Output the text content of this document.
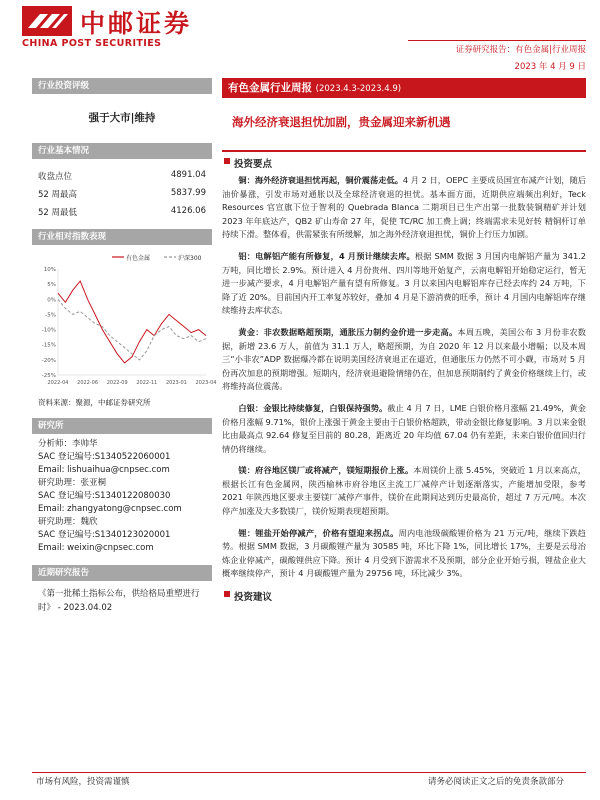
中邮证券
CHINA POST SECURITIES
证券研究报告：有色金属|行业周报
2023 年 4 月 9 日
行业投资评级
强于大市|维持
行业基本情况
收盘点位	4891.04
52 周最高	5837.99
52 周最低	4126.06
行业相对指数表现
有色金属	沪深300
10%
5%
0%
-5%
-10%
-15%
-20%
-25%
2022-04 2022-06 2022-09 2022-11 2023-01 2023-04
资料来源：聚源，中邮证券研究所
研究所
分析师：李帅华
SAC 登记编号:S1340522060001
Email: lishuaihua@cnpsec.com
研究助理：张亚桐
SAC 登记编号:S1340122080030
Email: zhangyatong@cnpsec.com
研究助理：魏欣
SAC 登记编号:S1340123020001
Email: weixin@cnpsec.com
近期研究报告
《第一批稀土指标公布，供给格局重塑进行时》 - 2023.04.02
有色金属行业周报 (2023.4.3-2023.4.9)
海外经济衰退担忧加剧，贵金属迎来新机遇
投资要点

铜：海外经济衰退担忧再起，铜价震荡走低。4 月 2 日，OEPC 主要成员国宣布减产计划，随后油价暴涨，引发市场对通胀以及全球经济衰退的担忧。基本面方面，近期供应端频出利好，Teck Resources 官宣旗下位于智利的 Quebrada Blanca 二期项目已生产出第一批数装铜精矿并计划 2023 年年底达产，QB2 矿山寿命 27 年，促使 TC/RC 加工费上调；终端需求未见好转 精铜杆订单持续下滑。整体看，供需紧张有所缓解，加之海外经济衰退担忧，铜价上行压力加剧。

铝：电解铝产能有所修复，4 月预计继续去库。根据 SMM 数据 3 月国内电解铝产量为 341.2 万吨，同比增长 2.9%。预计进入 4 月份贵州、四川等地开始复产，云南电解铝开始稳定运行，暂无进一步减产要求，4 月电解铝产量有望有所修复。3 月以来国内电解铝库存已经去库约 24 万吨，下降了近 20%。目前国内开工率复苏较好，叠加 4 月是下游消费的旺季，预计 4 月国内电解铝库存继续维持去库状态。

黄金：非农数据略超预期，通胀压力制约金价进一步走高。本周五晚，美国公布 3 月份非农数据，新增 23.6 万人，前值为 31.1 万人，略超预期，为自 2020 年 12 月以来最小增幅；以及本周三“小非农”ADP 数据爆冷都在说明美国经济衰退正在逼近，但通胀压力仍然不可小觑，市场对 5 月份再次加息的预期增强。短期内，经济衰退避险情绪仍在，但加息预期制约了黄金价格继续上行，或将维持高位震荡。

白银：金银比持续修复，白银保持强势。截止 4 月 7 日，LME 白银价格月涨幅 21.49%，黄金价格月涨幅 9.71%，银价上涨强于黄金主要由于白银价格超跌，带动金银比修复影响。3 月以来金银比由最高点 92.64 修复至目前的 80.28，距离近 20 年均值 67.04 仍有差距，未来白银价值回归行情仍将继续。

镁：府谷地区镁厂或将减产，镁短期报价上涨。本周镁价上涨 5.45%，突破近 1 月以来高点，根据长江有色金属网，陕西榆林市府谷地区主流工厂减停产计划逐渐落实，产能增加受限，参考 2021 年陕西地区要求主要镁厂减停产事件，镁价在此期间达到历史最高价，超过 7 万元/吨。本次停产加涨及大多数镁厂，镁价短期表现超预期。

锂：锂盐开始停减产，价格有望迎来拐点。周内电池级碳酸锂价格为 21 万元/吨，继续下跌趋势。根据 SMM 数据，3 月碳酸锂产量为 30585 吨，环比下降 1%，同比增长 17%，主要是云母冶炼企业停减产，碳酸锂供应下降。预计 4 月受到下游需求不及预期，部分企业开始亏损，锂盐企业大概率继续停产，预计 4 月碳酸锂产量为 29756 吨，环比减少 3%。

投资建议
市场有风险，投资需谨慎	请务必阅读正文之后的免责条款部分
